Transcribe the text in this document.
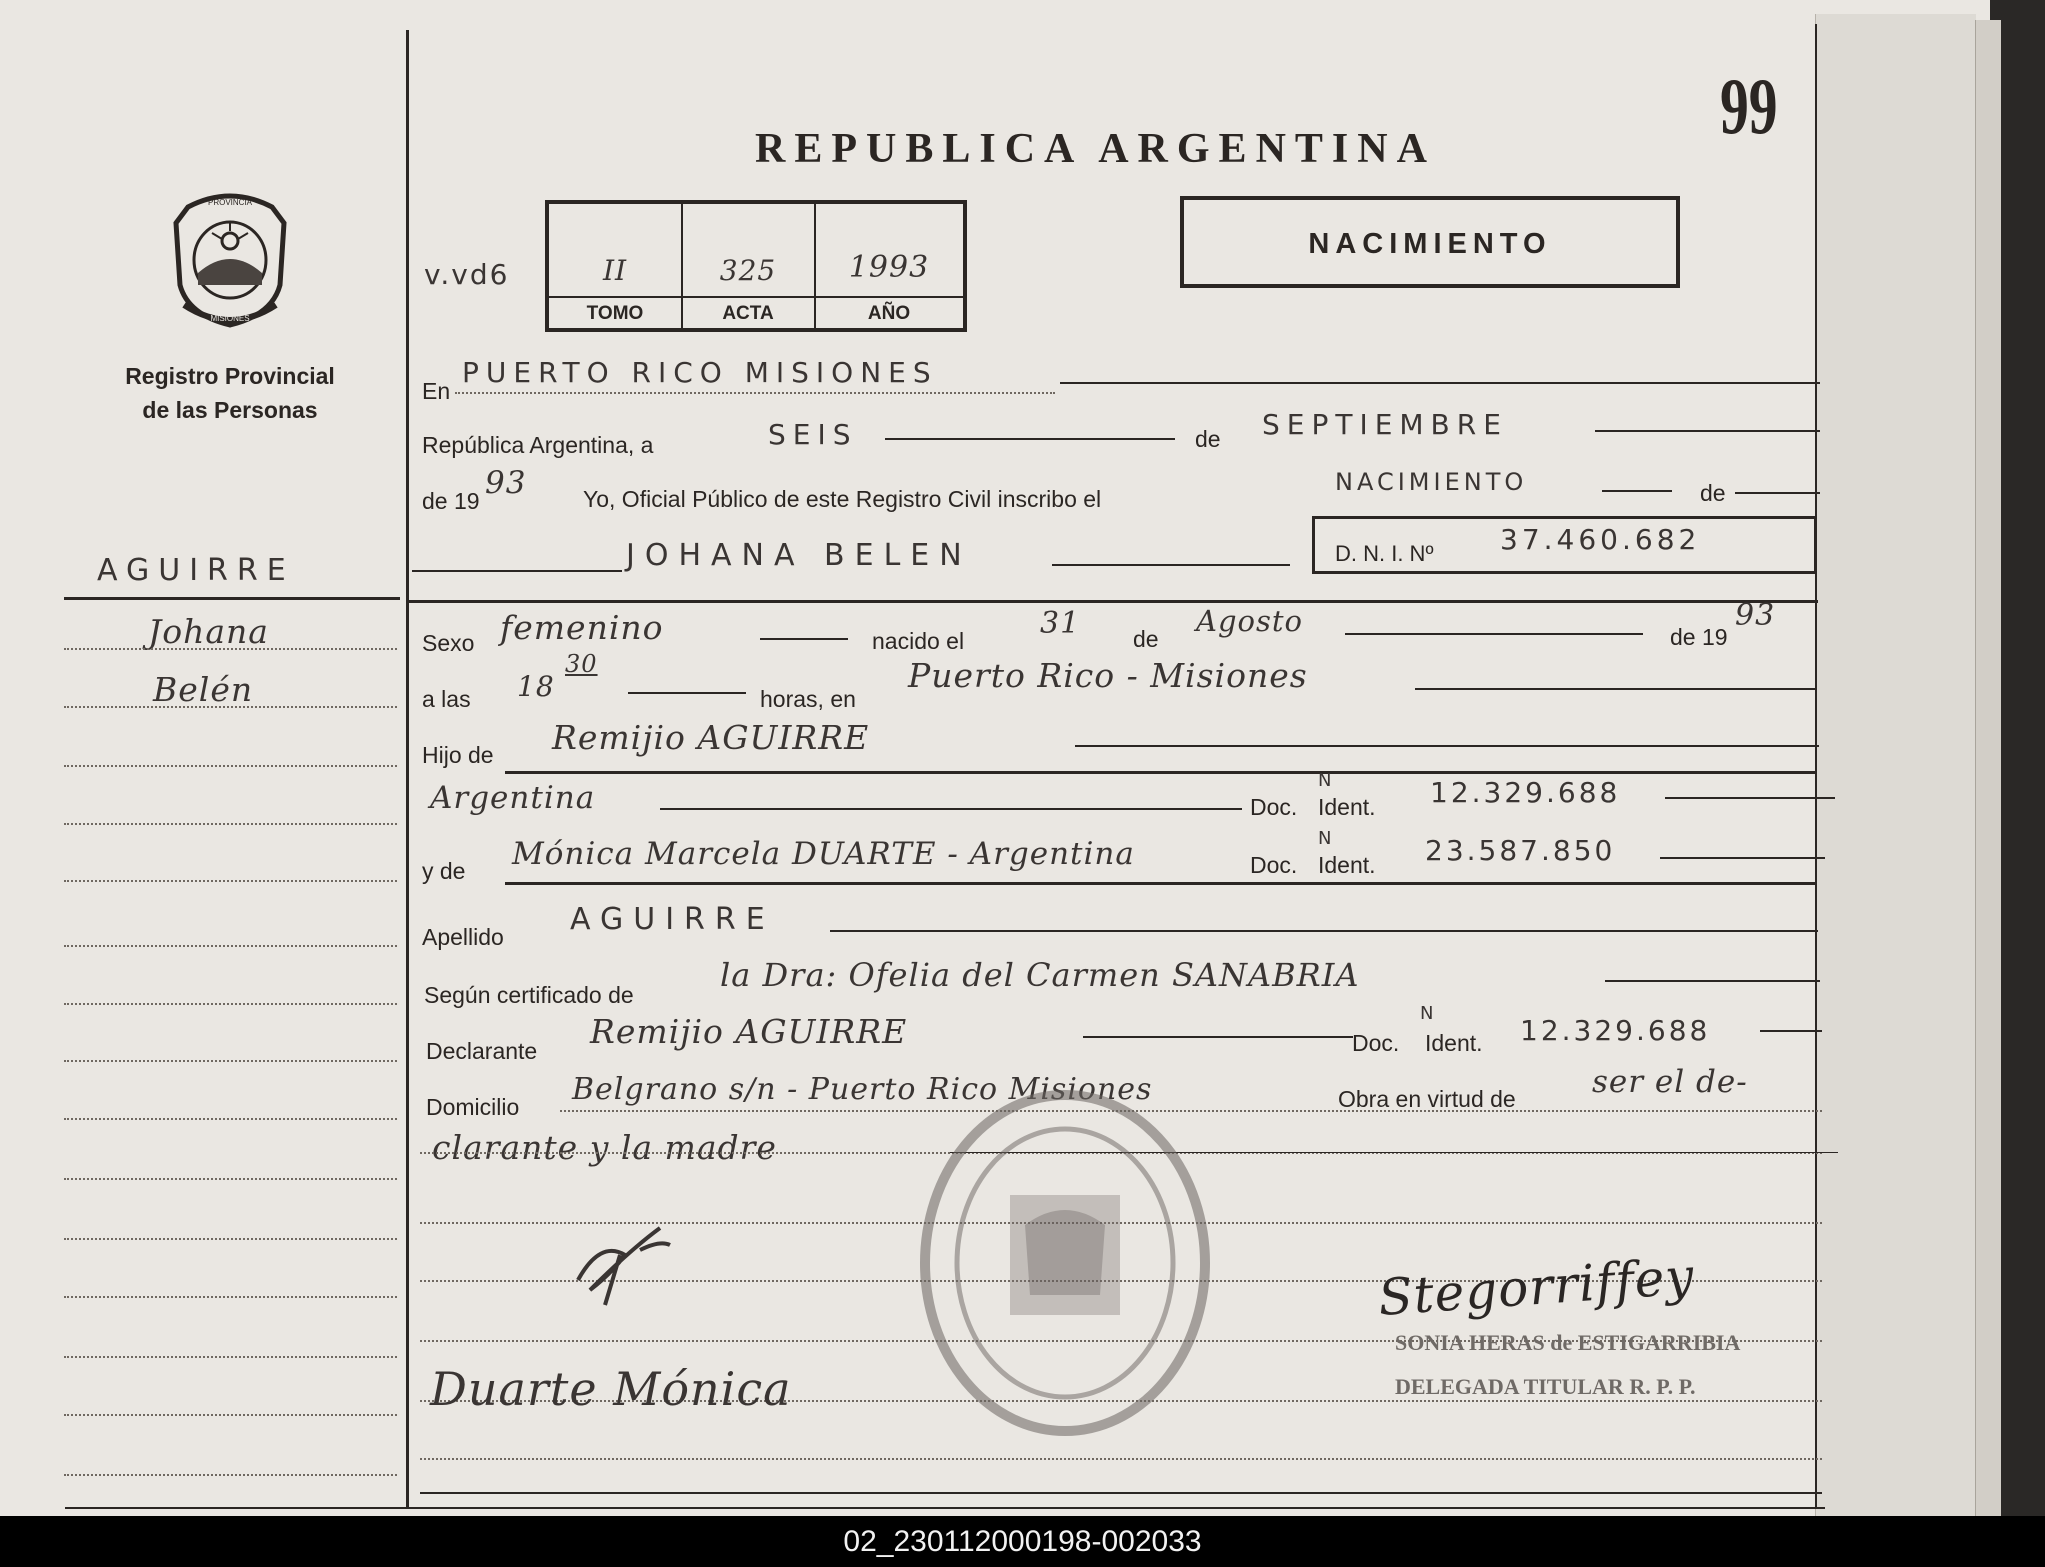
PROVINCIA
MISIONES
Registro Provincial
de las Personas
AGUIRRE
Johana
Belén
99
REPUBLICA ARGENTINA
NACIMIENTO
v.vd6	II	325	1993
TOMO	ACTA	AÑO
En
PUERTO RICO MISIONES
República Argentina, a	SEIS	de SEPTIEMBRE
de 19 93 Yo, Oficial Público de este Registro Civil inscribo el
NACIMIENTO	de
JOHANA BELEN	D. N. I. Nº 37.460.682
Sexo femenino	nacido el	31 de
Agosto	de 19
93
a las 18
30
horas, en
Puerto Rico - Misiones
Hijo de Remijio AGUIRRE
Argentina	Doc.
N
Ident. 12.329.688
y de Mónica Marcela DUARTE - Argentina	Doc.
N
Ident. 23.587.850
Apellido AGUIRRE
Según certificado de
la Dra: Ofelia del Carmen SANABRIA
Declarante Remijio AGUIRRE	Doc.
N
Ident. 12.329.688
Domicilio Belgrano s/n - Puerto Rico Misiones	Obra en virtud de ser el de-
clarante y la madre
Duarte Mónica
Stegorriffey
SONIA HERAS de ESTIGARRIBIA
DELEGADA TITULAR R. P. P.
02_230112000198-002033
